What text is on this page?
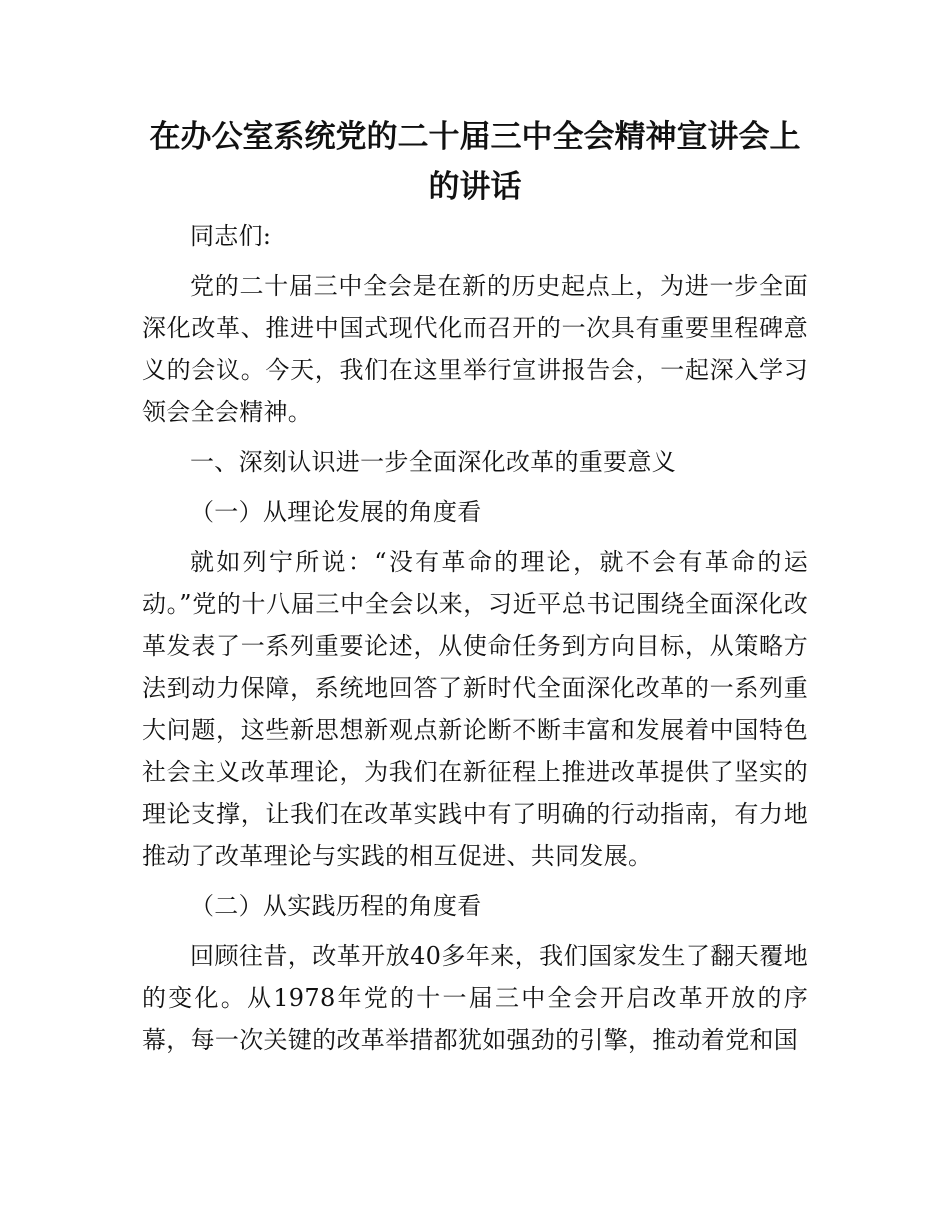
在办公室系统党的二十届三中全会精神宣讲会上的讲话

同志们:

党的二十届三中全会是在新的历史起点上，为进一步全面深化改革、推进中国式现代化而召开的一次具有重要里程碑意义的会议。今天，我们在这里举行宣讲报告会，一起深入学习领会全会精神。

一、深刻认识进一步全面深化改革的重要意义

（一）从理论发展的角度看

就如列宁所说：“没有革命的理论，就不会有革命的运动。”党的十八届三中全会以来，习近平总书记围绕全面深化改革发表了一系列重要论述，从使命任务到方向目标，从策略方法到动力保障，系统地回答了新时代全面深化改革的一系列重大问题，这些新思想新观点新论断不断丰富和发展着中国特色社会主义改革理论，为我们在新征程上推进改革提供了坚实的理论支撑，让我们在改革实践中有了明确的行动指南，有力地推动了改革理论与实践的相互促进、共同发展。

（二）从实践历程的角度看

回顾往昔，改革开放40多年来，我们国家发生了翻天覆地的变化。从1978年党的十一届三中全会开启改革开放的序幕，每一次关键的改革举措都犹如强劲的引擎，推动着党和国
